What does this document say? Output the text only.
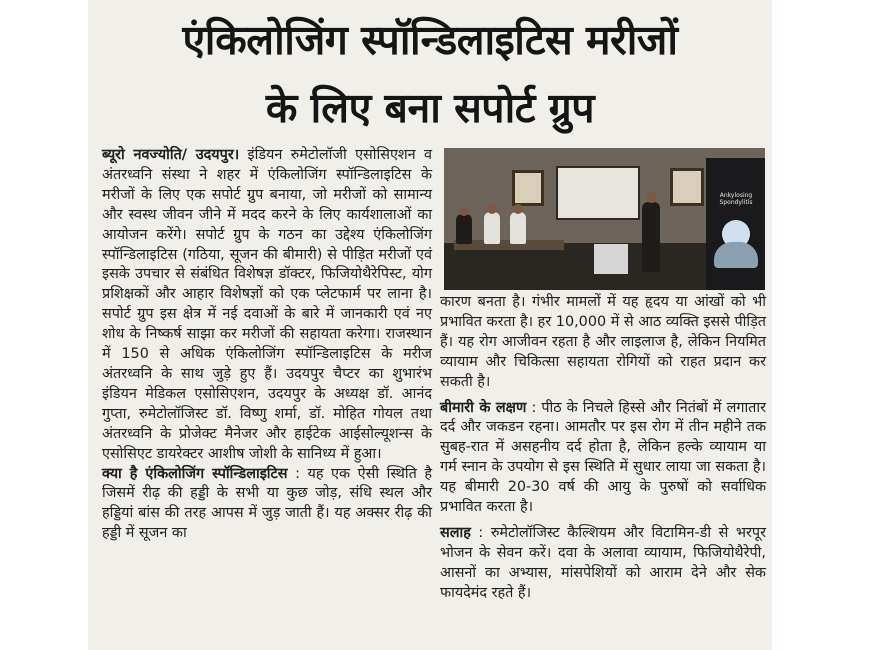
एंकिलोजिंग स्पॉन्डिलाइटिस मरीजों
के लिए बना सपोर्ट ग्रुप

ब्यूरो नवज्योति/ उदयपुर। इंडियन रुमेटोलॉजी एसोसिएशन व अंतरध्वनि संस्था ने शहर में एंकिलोजिंग स्पॉन्डिलाइटिस के मरीजों के लिए एक सपोर्ट ग्रुप बनाया, जो मरीजों को सामान्य और स्वस्थ जीवन जीने में मदद करने के लिए कार्यशालाओं का आयोजन करेंगे। सपोर्ट ग्रुप के गठन का उद्देश्य एंकिलोजिंग स्पॉन्डिलाइटिस (गठिया, सूजन की बीमारी) से पीड़ित मरीजों एवं इसके उपचार से संबंधित विशेषज्ञ डॉक्टर, फिजियोथैरेपिस्ट, योग प्रशिक्षकों और आहार विशेषज्ञों को एक प्लेटफार्म पर लाना है। सपोर्ट ग्रुप इस क्षेत्र में नई दवाओं के बारे में जानकारी एवं नए शोध के निष्कर्ष साझा कर मरीजों की सहायता करेगा। राजस्थान में 150 से अधिक एंकिलोजिंग स्पॉन्डिलाइटिस के मरीज अंतरध्वनि के साथ जुड़े हुए हैं। उदयपुर चैप्टर का शुभारंभ इंडियन मेडिकल एसोसिएशन, उदयपुर के अध्यक्ष डॉ. आनंद गुप्ता, रुमेटोलॉजिस्ट डॉ. विष्णु शर्मा, डॉ. मोहित गोयल तथा अंतरध्वनि के प्रोजेक्ट मैनेजर और हाईटेक आईसोल्यूशन्स के एसोसिएट डायरेक्टर आशीष जोशी के सानिध्य में हुआ।

क्या है एंकिलोजिंग स्पॉन्डिलाइटिस : यह एक ऐसी स्थिति है जिसमें रीढ़ की हड्डी के सभी या कुछ जोड़, संधि स्थल और हड्डियां बांस की तरह आपस में जुड़ जाती हैं। यह अक्सर रीढ़ की हड्डी में सूजन का

Ankylosing Spondylitis

कारण बनता है। गंभीर मामलों में यह हृदय या आंखों को भी प्रभावित करता है। हर 10,000 में से आठ व्यक्ति इससे पीड़ित हैं। यह रोग आजीवन रहता है और लाइलाज है, लेकिन नियमित व्यायाम और चिकित्सा सहायता रोगियों को राहत प्रदान कर सकती है।

बीमारी के लक्षण : पीठ के निचले हिस्से और नितंबों में लगातार दर्द और जकडन रहना। आमतौर पर इस रोग में तीन महीने तक सुबह-रात में असहनीय दर्द होता है, लेकिन हल्के व्यायाम या गर्म स्नान के उपयोग से इस स्थिति में सुधार लाया जा सकता है। यह बीमारी 20-30 वर्ष की आयु के पुरुषों को सर्वाधिक प्रभावित करता है।

सलाह : रुमेटोलॉजिस्ट कैल्शियम और विटामिन-डी से भरपूर भोजन के सेवन करें। दवा के अलावा व्यायाम, फिजियोथैरेपी, आसनों का अभ्यास, मांसपेशियों को आराम देने और सेक फायदेमंद रहते हैं।
